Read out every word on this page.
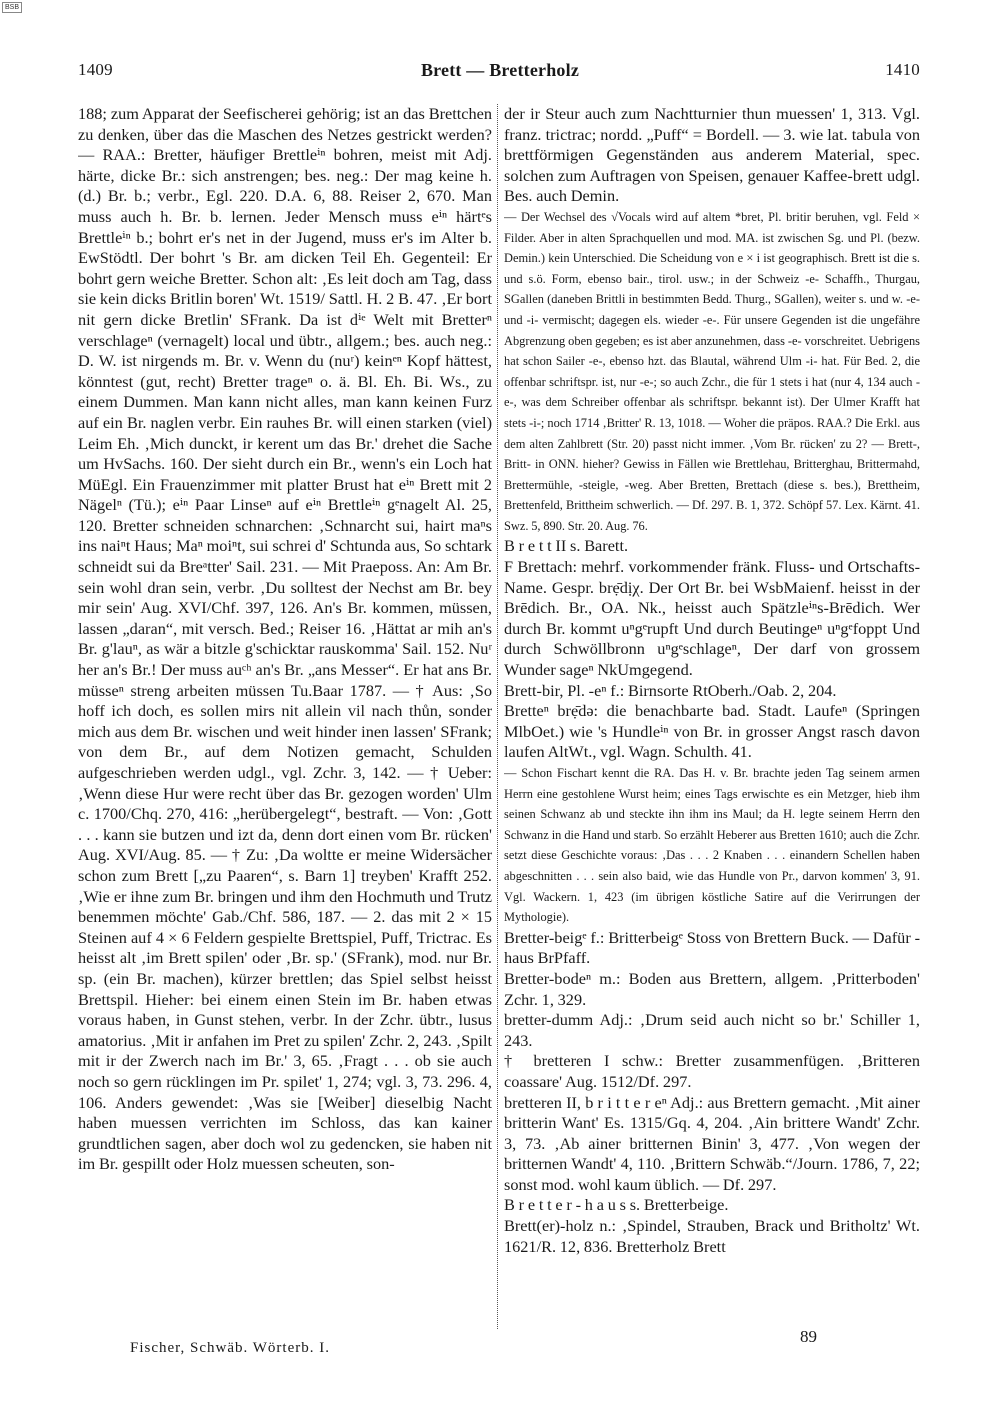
BSB
1409	Brett — Bretterholz	1410

188; zum Apparat der Seefischerei gehörig; ist an das Brettchen zu denken, über das die Maschen des Netzes gestrickt werden? — RAA.: Bretter, häufiger Brettleⁱⁿ bohren, meist mit Adj. härte, dicke Br.: sich anstrengen; bes. neg.: Der mag keine h. (d.) Br. b.; verbr., Egl. 220. D.A. 6, 88. Reiser 2, 670. Man muss auch h. Br. b. lernen. Jeder Mensch muss eⁱⁿ härtᵉs Brettleⁱⁿ b.; bohrt er's net in der Jugend, muss er's im Alter b. EwStödtl. Der bohrt 's Br. am dicken Teil Eh. Gegenteil: Er bohrt gern weiche Bretter. Schon alt: ‚Es leit doch am Tag, dass sie kein dicks Britlin boren' Wt. 1519/ Sattl. H. 2 B. 47. ‚Er bort nit gern dicke Bretlin' SFrank. Da ist dⁱᵉ Welt mit Bretterⁿ verschlageⁿ (vernagelt) local und übtr., allgem.; bes. auch neg.: D. W. ist nirgends m. Br. v. Wenn du (nuʳ) keinᵉⁿ Kopf hättest, könntest (gut, recht) Bretter trageⁿ o. ä. Bl. Eh. Bi. Ws., zu einem Dummen. Man kann nicht alles, man kann keinen Furz auf ein Br. naglen verbr. Ein rauhes Br. will einen starken (viel) Leim Eh. ‚Mich dunckt, ir kerent um das Br.' drehet die Sache um HvSachs. 160. Der sieht durch ein Br., wenn's ein Loch hat MüEgl. Ein Frauenzimmer mit platter Brust hat eⁱⁿ Brett mit 2 Nägelⁿ (Tü.); eⁱⁿ Paar Linseⁿ auf eⁱⁿ Brettleⁱⁿ gᵉnagelt Al. 25, 120. Bretter schneiden schnarchen: ‚Schnarcht sui, hairt maⁿs ins naiⁿt Haus; Maⁿ moiⁿt, sui schrei d' Schtunda aus, So schtark schneidt sui da Breᵃtter' Sail. 231. — Mit Praeposs. An: Am Br. sein wohl dran sein, verbr. ‚Du solltest der Nechst am Br. bey mir sein' Aug. XVI/Chf. 397, 126. An's Br. kommen, müssen, lassen „daran“, mit versch. Bed.; Reiser 16. ‚Hättat ar mih an's Br. g'lauⁿ, as wär a bitzle g'schicktar rauskomma' Sail. 152. Nuʳ her an's Br.! Der muss auᶜʰ an's Br. „ans Messer“. Er hat ans Br. müsseⁿ streng arbeiten müssen Tu.Baar 1787. — † Aus: ‚So hoff ich doch, es sollen mirs nit allein vil nach thůn, sonder mich aus dem Br. wischen und weit hinder inen lassen' SFrank; von dem Br., auf dem Notizen gemacht, Schulden aufgeschrieben werden udgl., vgl. Zchr. 3, 142. — † Ueber: ‚Wenn diese Hur were recht über das Br. gezogen worden' Ulm c. 1700/Chq. 270, 416: „herübergelegt“, bestraft. — Von: ‚Gott . . . kann sie butzen und izt da, denn dort einen vom Br. rücken' Aug. XVI/Aug. 85. — † Zu: ‚Da woltte er meine Widersächer schon zum Brett [„zu Paaren“, s. Barn 1] treyben' Krafft 252. ‚Wie er ihne zum Br. bringen und ihm den Hochmuth und Trutz benemmen möchte' Gab./Chf. 586, 187. — 2. das mit 2 × 15 Steinen auf 4 × 6 Feldern gespielte Brettspiel, Puff, Trictrac. Es heisst alt ‚im Brett spilen' oder ‚Br. sp.' (SFrank), mod. nur Br. sp. (ein Br. machen), kürzer brettlen; das Spiel selbst heisst Brettspil. Hieher: bei einem einen Stein im Br. haben etwas voraus haben, in Gunst stehen, verbr. In der Zchr. übtr., lusus amatorius. ‚Mit ir anfahen im Pret zu spilen' Zchr. 2, 243. ‚Spilt mit ir der Zwerch nach im Br.' 3, 65. ‚Fragt . . . ob sie auch noch so gern rücklingen im Pr. spilet' 1, 274; vgl. 3, 73. 296. 4, 106. Anders gewendet: ‚Was sie [Weiber] dieselbig Nacht haben muessen verrichten im Schloss, das kan kainer grundtlichen sagen, aber doch wol zu gedencken, sie haben nit im Br. gespillt oder Holz muessen scheuten, son-

der ir Steur auch zum Nachtturnier thun muessen' 1, 313. Vgl. franz. trictrac; nordd. „Puff“ = Bordell. — 3. wie lat. tabula von brettförmigen Gegenständen aus anderem Material, spec. solchen zum Auftragen von Speisen, genauer Kaffee-brett udgl. Bes. auch Demin.

— Der Wechsel des √Vocals wird auf altem *bret, Pl. britir beruhen, vgl. Feld × Filder. Aber in alten Sprachquellen und mod. MA. ist zwischen Sg. und Pl. (bezw. Demin.) kein Unterschied. Die Scheidung von e × i ist geographisch. Brett ist die s. und s.ö. Form, ebenso bair., tirol. usw.; in der Schweiz -e- Schaffh., Thurgau, SGallen (daneben Brittli in bestimmten Bedd. Thurg., SGallen), weiter s. und w. -e- und -i- vermischt; dagegen els. wieder -e-. Für unsere Gegenden ist die ungefähre Abgrenzung oben gegeben; es ist aber anzunehmen, dass -e- vorschreitet. Uebrigens hat schon Sailer -e-, ebenso hzt. das Blautal, während Ulm -i- hat. Für Bed. 2, die offenbar schriftspr. ist, nur -e-; so auch Zchr., die für 1 stets i hat (nur 4, 134 auch -e-, was dem Schreiber offenbar als schriftspr. bekannt ist). Der Ulmer Krafft hat stets -i-; noch 1714 ‚Britter' R. 13, 1018. — Woher die präpos. RAA.? Die Erkl. aus dem alten Zahlbrett (Str. 20) passt nicht immer. ‚Vom Br. rücken' zu 2? — Brett-, Britt- in ONN. hieher? Gewiss in Fällen wie Brettlehau, Britterghau, Brittermahd, Brettermühle, -steigle, -weg. Aber Bretten, Brettach (diese s. bes.), Brettheim, Brettenfeld, Brittheim schwerlich. — Df. 297. B. 1, 372. Schöpf 57. Lex. Kärnt. 41. Swz. 5, 890. Str. 20. Aug. 76.

B r e t t II s. Barett.

F Brettach: mehrf. vorkommender fränk. Fluss- und Ortschafts-Name. Gespr. brẹ̄dịχ. Der Ort Br. bei WsbMaienf. heisst in der Brēdich. Br., OA. Nk., heisst auch Spätzleⁱⁿs-Brēdich. Wer durch Br. kommt uⁿgᵉrupft Und durch Beutingeⁿ uⁿgᵉfoppt Und durch Schwöllbronn uⁿgᵉschlageⁿ, Der darf von grossem Wunder sageⁿ NkUmgegend.

Brett-bir, Pl. -eⁿ f.: Birnsorte RtOberh./Oab. 2, 204.

Bretteⁿ brẹ̄də: die benachbarte bad. Stadt. Laufeⁿ (Springen MlbOet.) wie 's Hundleⁱⁿ von Br. in grosser Angst rasch davon laufen AltWt., vgl. Wagn. Schulth. 41.

— Schon Fischart kennt die RA. Das H. v. Br. brachte jeden Tag seinem armen Herrn eine gestohlene Wurst heim; eines Tags erwischte es ein Metzger, hieb ihm seinen Schwanz ab und steckte ihn ihm ins Maul; da H. legte seinem Herrn den Schwanz in die Hand und starb. So erzählt Heberer aus Bretten 1610; auch die Zchr. setzt diese Geschichte voraus: ‚Das . . . 2 Knaben . . . einandern Schellen haben abgeschnitten . . . sein also baid, wie das Hundle von Pr., darvon kommen' 3, 91. Vgl. Wackern. 1, 423 (im übrigen köstliche Satire auf die Verirrungen der Mythologie).

Bretter-beigᵉ f.: Britterbeigᵉ Stoss von Brettern Buck. — Dafür -haus BrPfaff.

Bretter-bodeⁿ m.: Boden aus Brettern, allgem. ‚Pritterboden' Zchr. 1, 329.

bretter-dumm Adj.: ‚Drum seid auch nicht so br.' Schiller 1, 243.

† bretteren I schw.: Bretter zusammenfügen. ‚Britteren coassare' Aug. 1512/Df. 297.

bretteren II, b r i t t e r eⁿ Adj.: aus Brettern gemacht. ‚Mit ainer britterin Want' Es. 1315/Gq. 4, 204. ‚Ain brittere Wandt' Zchr. 3, 73. ‚Ab ainer britternen Binin' 3, 477. ‚Von wegen der britternen Wandt' 4, 110. ‚Brittern Schwäb.“/Journ. 1786, 7, 22; sonst mod. wohl kaum üblich. — Df. 297.

B r e t t e r - h a u s s. Bretterbeige.

Brett(er)-holz n.: ‚Spindel, Strauben, Brack und Britholtz' Wt. 1621/R. 12, 836. Bretterholz Brett

Fischer, Schwäb. Wörterb. I.
89
